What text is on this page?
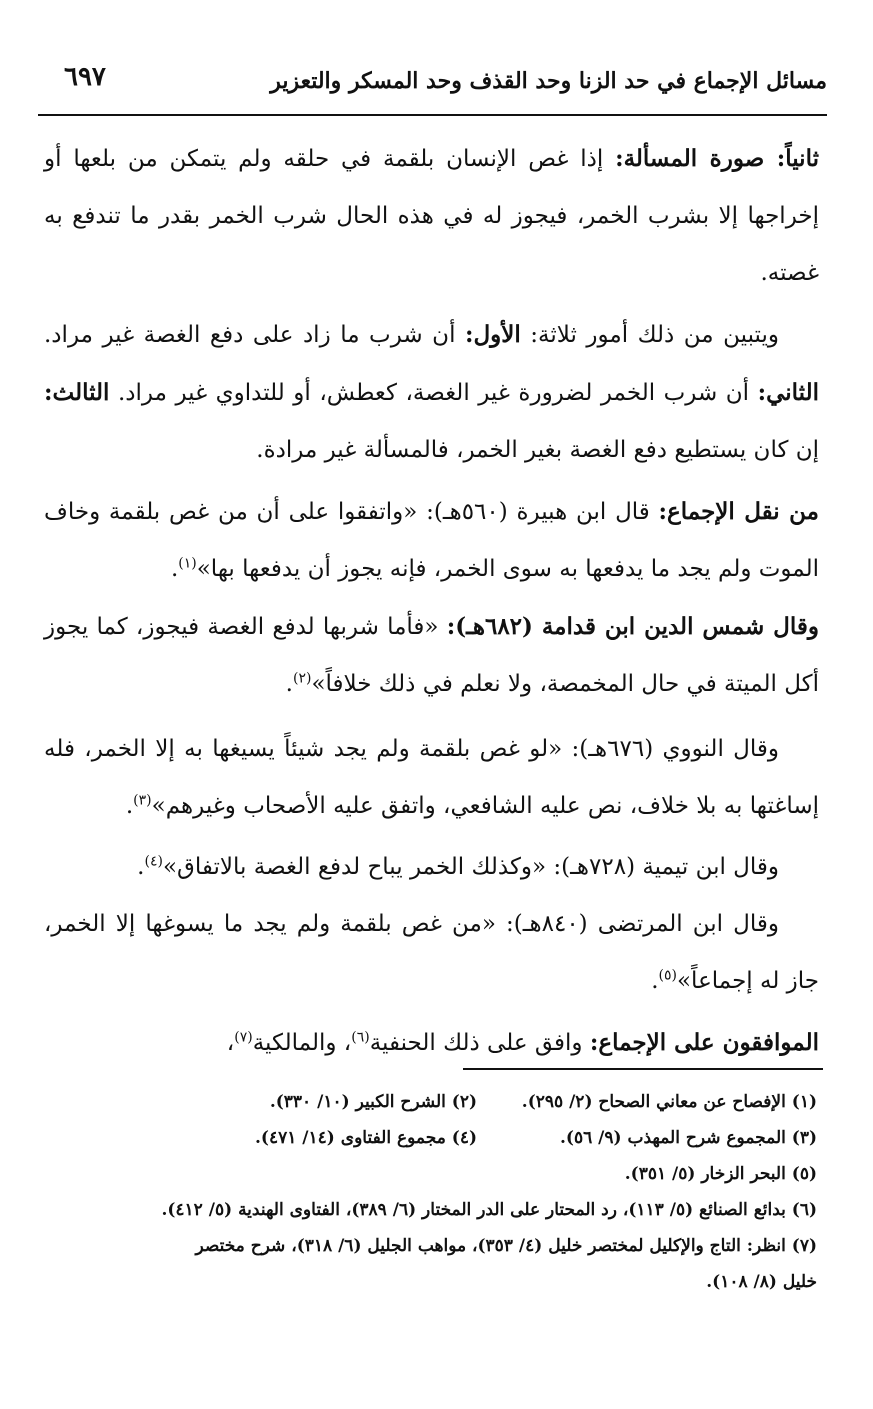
مسائل الإجماع في حد الزنا وحد القذف وحد المسكر والتعزير
٦٩٧

ثانياً: صورة المسألة: إذا غص الإنسان بلقمة في حلقه ولم يتمكن من بلعها أو إخراجها إلا بشرب الخمر، فيجوز له في هذه الحال شرب الخمر بقدر ما تندفع به غصته.

ويتبين من ذلك أمور ثلاثة: الأول: أن شرب ما زاد على دفع الغصة غير مراد. الثاني: أن شرب الخمر لضرورة غير الغصة، كعطش، أو للتداوي غير مراد. الثالث: إن كان يستطيع دفع الغصة بغير الخمر، فالمسألة غير مرادة.

من نقل الإجماع: قال ابن هبيرة (٥٦٠هـ): «واتفقوا على أن من غص بلقمة وخاف الموت ولم يجد ما يدفعها به سوى الخمر، فإنه يجوز أن يدفعها بها»$^{(١)}$.

وقال شمس الدين ابن قدامة (٦٨٢هـ): «فأما شربها لدفع الغصة فيجوز، كما يجوز أكل الميتة في حال المخمصة، ولا نعلم في ذلك خلافاً»$^{(٢)}$.

وقال النووي (٦٧٦هـ): «لو غص بلقمة ولم يجد شيئاً يسيغها به إلا الخمر، فله إساغتها به بلا خلاف، نص عليه الشافعي، واتفق عليه الأصحاب وغيرهم»$^{(٣)}$.

وقال ابن تيمية (٧٢٨هـ): «وكذلك الخمر يباح لدفع الغصة بالاتفاق»$^{(٤)}$.

وقال ابن المرتضى (٨٤٠هـ): «من غص بلقمة ولم يجد ما يسوغها إلا الخمر، جاز له إجماعاً»$^{(٥)}$.

الموافقون على الإجماع: وافق على ذلك الحنفية$^{(٦)}$، والمالكية$^{(٧)}$،

(١) الإفصاح عن معاني الصحاح (٢/ ٢٩٥).
(٢) الشرح الكبير (١٠/ ٣٣٠).
(٣) المجموع شرح المهذب (٩/ ٥٦).
(٤) مجموع الفتاوى (١٤/ ٤٧١).
(٥) البحر الزخار (٥/ ٣٥١).
(٦) بدائع الصنائع (٥/ ١١٣)، رد المحتار على الدر المختار (٦/ ٣٨٩)، الفتاوى الهندية (٥/ ٤١٢).
(٧) انظر: التاج والإكليل لمختصر خليل (٤/ ٣٥٣)، مواهب الجليل (٦/ ٣١٨)، شرح مختصر
خليل (٨/ ١٠٨).
